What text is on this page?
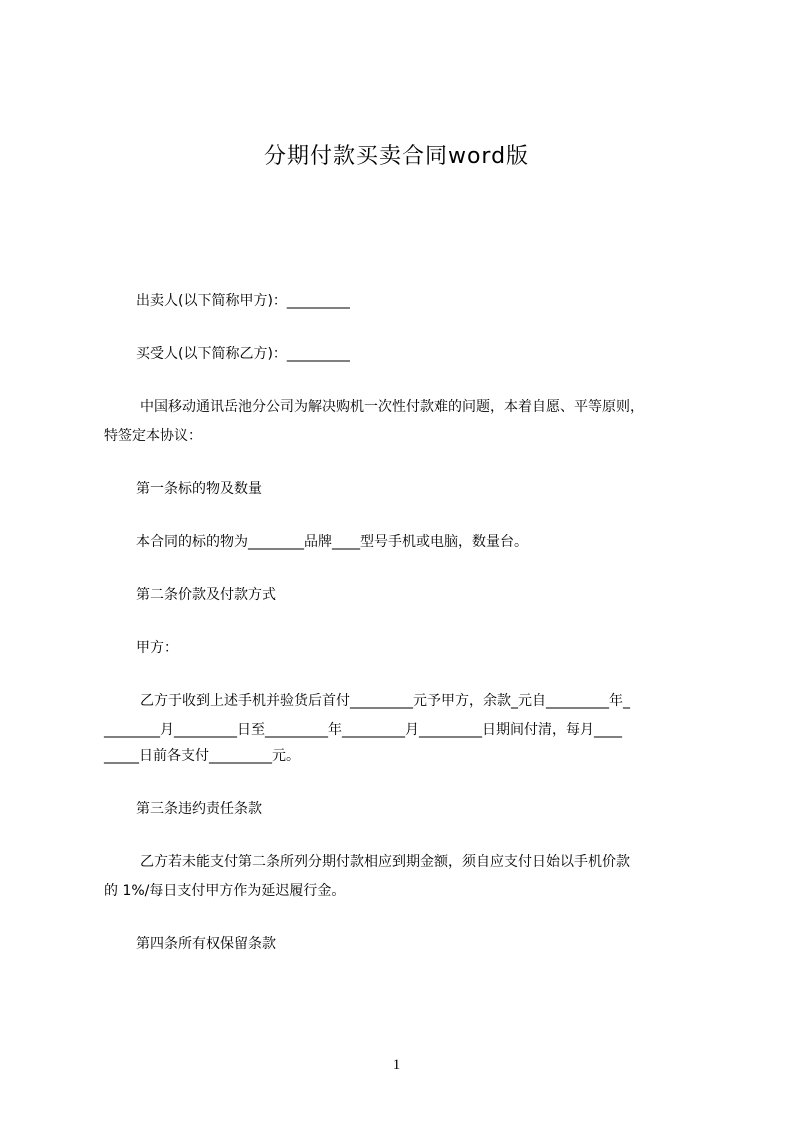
分期付款买卖合同word版
出卖人(以下简称甲方)：_________
买受人(以下简称乙方)：_________
中国移动通讯岳池分公司为解决购机一次性付款难的问题，本着自愿、平等原则，
特签定本协议：
第一条标的物及数量
本合同的标的物为________品牌____型号手机或电脑，数量台。
第二条价款及付款方式
甲方：
乙方于收到上述手机并验货后首付_________元予甲方，余款_元自_________年_
________月_________日至_________年_________月_________日期间付清，每月____
_____日前各支付_________元。
第三条违约责任条款
乙方若未能支付第二条所列分期付款相应到期金额，须自应支付日始以手机价款
的 1%/每日支付甲方作为延迟履行金。
第四条所有权保留条款
1
